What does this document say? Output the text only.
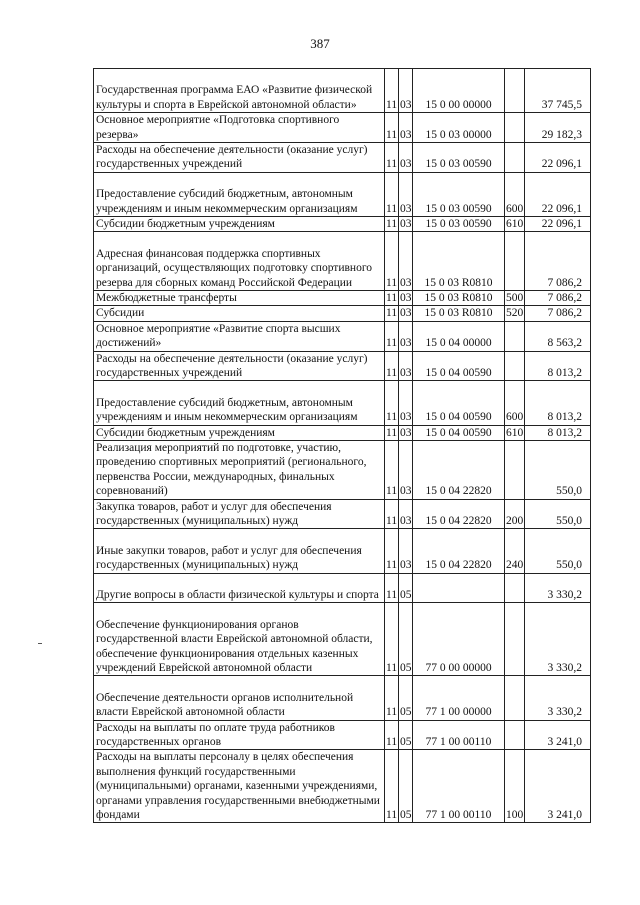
387
Государственная программа ЕАО «Развитие физической культуры и спорта в Еврейской автономной области»	11	03	15 0 00 00000		37 745,5
Основное мероприятие «Подготовка спортивного резерва»	11	03	15 0 03 00000		29 182,3
Расходы на обеспечение деятельности (оказание услуг) государственных учреждений	11	03	15 0 03 00590		22 096,1
Предоставление субсидий бюджетным, автономным учреждениям и иным некоммерческим организациям	11	03	15 0 03 00590	600	22 096,1
Субсидии бюджетным учреждениям	11	03	15 0 03 00590	610	22 096,1
Адресная финансовая поддержка спортивных организаций, осуществляющих подготовку спортивного резерва для сборных команд Российской Федерации	11	03	15 0 03 R0810		7 086,2
Межбюджетные трансферты	11	03	15 0 03 R0810	500	7 086,2
Субсидии	11	03	15 0 03 R0810	520	7 086,2
Основное мероприятие «Развитие спорта высших достижений»	11	03	15 0 04 00000		8 563,2
Расходы на обеспечение деятельности (оказание услуг) государственных учреждений	11	03	15 0 04 00590		8 013,2
Предоставление субсидий бюджетным, автономным учреждениям и иным некоммерческим организациям	11	03	15 0 04 00590	600	8 013,2
Субсидии бюджетным учреждениям	11	03	15 0 04 00590	610	8 013,2
Реализация мероприятий по подготовке, участию, проведению спортивных мероприятий (регионального, первенства России, международных, финальных соревнований)	11	03	15 0 04 22820		550,0
Закупка товаров, работ и услуг для обеспечения государственных (муниципальных) нужд	11	03	15 0 04 22820	200	550,0
Иные закупки товаров, работ и услуг для обеспечения государственных (муниципальных) нужд	11	03	15 0 04 22820	240	550,0
Другие вопросы в области физической культуры и спорта	11	05			3 330,2
Обеспечение функционирования органов государственной власти Еврейской автономной области, обеспечение функционирования отдельных казенных учреждений Еврейской автономной области	11	05	77 0 00 00000		3 330,2
Обеспечение деятельности органов исполнительной власти Еврейской автономной области	11	05	77 1 00 00000		3 330,2
Расходы на выплаты по оплате труда работников государственных органов	11	05	77 1 00 00110		3 241,0
Расходы на выплаты персоналу в целях обеспечения выполнения функций государственными (муниципальными) органами, казенными учреждениями, органами управления государственными внебюджетными фондами	11	05	77 1 00 00110	100	3 241,0
